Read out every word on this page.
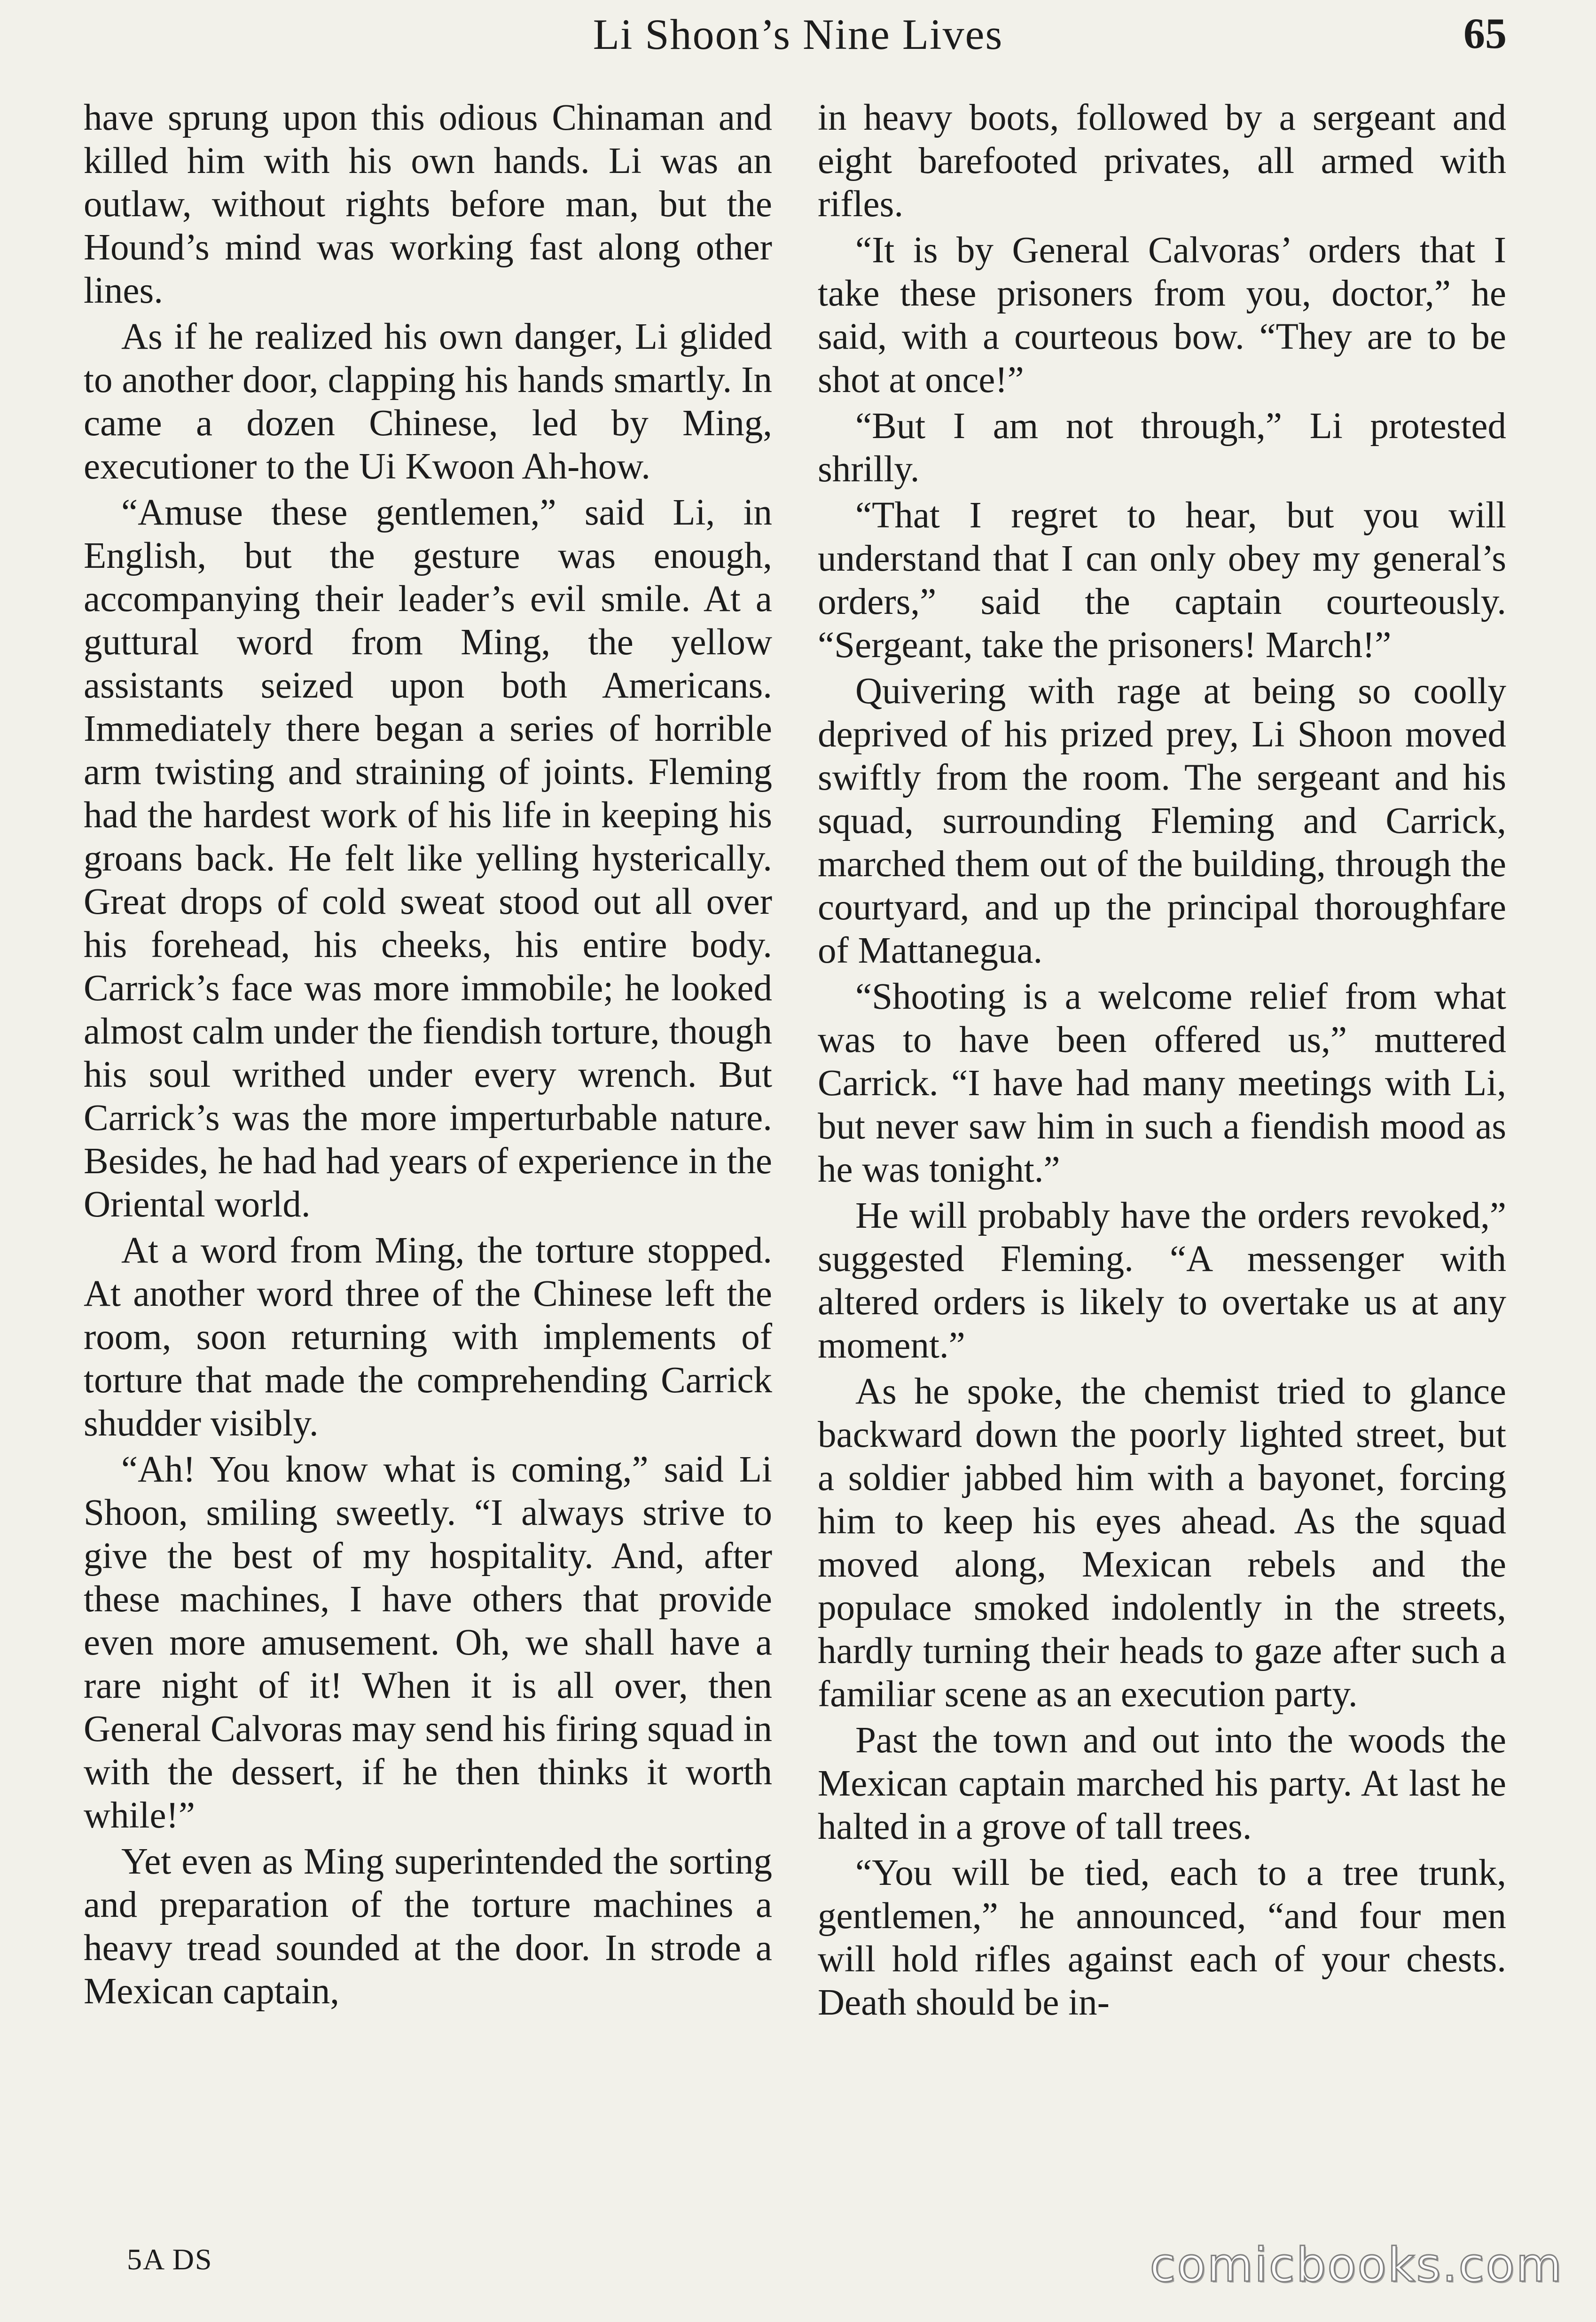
Li Shoon’s Nine Lives	65

have sprung upon this odious Chinaman and killed him with his own hands. Li was an outlaw, without rights before man, but the Hound’s mind was working fast along other lines.

As if he realized his own danger, Li glided to another door, clapping his hands smartly. In came a dozen Chinese, led by Ming, executioner to the Ui Kwoon Ah-how.

“Amuse these gentlemen,” said Li, in English, but the gesture was enough, accompanying their leader’s evil smile. At a guttural word from Ming, the yellow assistants seized upon both Americans. Immediately there began a series of horrible arm twisting and straining of joints. Fleming had the hardest work of his life in keeping his groans back. He felt like yelling hysterically. Great drops of cold sweat stood out all over his forehead, his cheeks, his entire body. Carrick’s face was more immobile; he looked almost calm under the fiendish torture, though his soul writhed under every wrench. But Carrick’s was the more imperturbable nature. Besides, he had had years of experience in the Oriental world.

At a word from Ming, the torture stopped. At another word three of the Chinese left the room, soon returning with implements of torture that made the comprehending Carrick shudder visibly.

“Ah! You know what is coming,” said Li Shoon, smiling sweetly. “I always strive to give the best of my hospitality. And, after these machines, I have others that provide even more amusement. Oh, we shall have a rare night of it! When it is all over, then General Calvoras may send his firing squad in with the dessert, if he then thinks it worth while!”

Yet even as Ming superintended the sorting and preparation of the torture machines a heavy tread sounded at the door. In strode a Mexican captain,

in heavy boots, followed by a sergeant and eight barefooted privates, all armed with rifles.

“It is by General Calvoras’ orders that I take these prisoners from you, doctor,” he said, with a courteous bow. “They are to be shot at once!”

“But I am not through,” Li protested shrilly.

“That I regret to hear, but you will understand that I can only obey my general’s orders,” said the captain courteously. “Sergeant, take the prisoners! March!”

Quivering with rage at being so coolly deprived of his prized prey, Li Shoon moved swiftly from the room. The sergeant and his squad, surrounding Fleming and Carrick, marched them out of the building, through the courtyard, and up the principal thoroughfare of Mattanegua.

“Shooting is a welcome relief from what was to have been offered us,” muttered Carrick. “I have had many meetings with Li, but never saw him in such a fiendish mood as he was tonight.”

He will probably have the orders revoked,” suggested Fleming. “A messenger with altered orders is likely to overtake us at any moment.”

As he spoke, the chemist tried to glance backward down the poorly lighted street, but a soldier jabbed him with a bayonet, forcing him to keep his eyes ahead. As the squad moved along, Mexican rebels and the populace smoked indolently in the streets, hardly turning their heads to gaze after such a familiar scene as an execution party.

Past the town and out into the woods the Mexican captain marched his party. At last he halted in a grove of tall trees.

“You will be tied, each to a tree trunk, gentlemen,” he announced, “and four men will hold rifles against each of your chests. Death should be in-

5A DS	comicbooks.com
